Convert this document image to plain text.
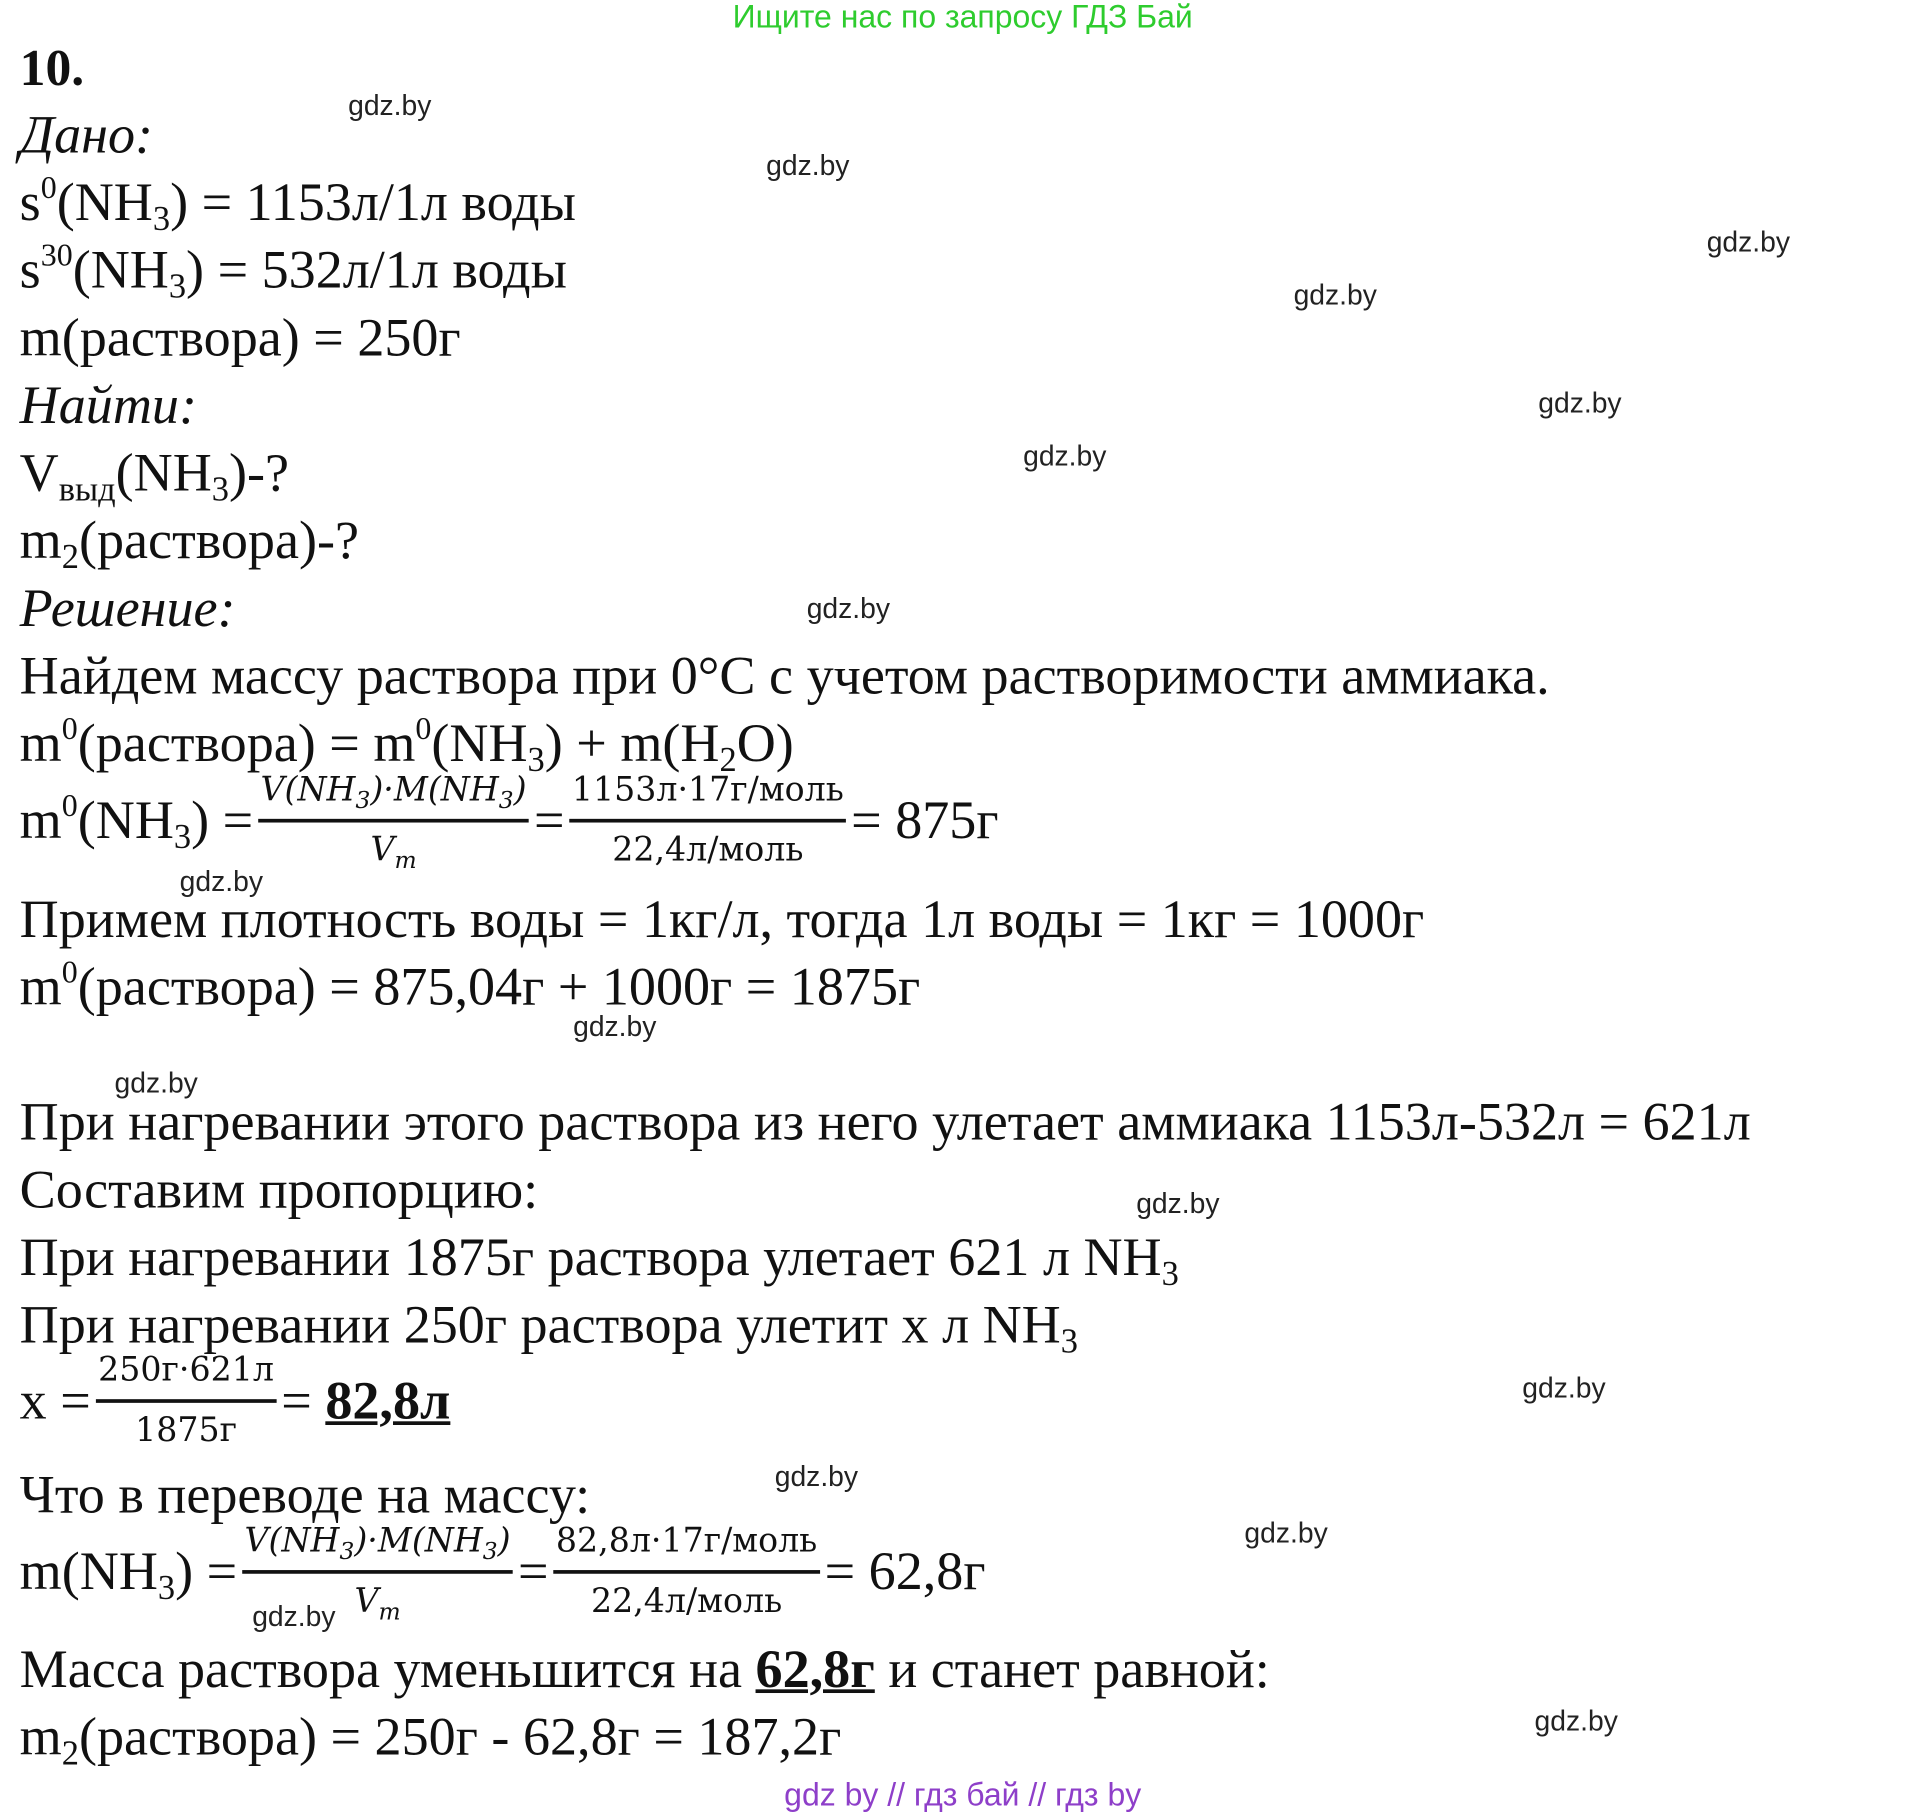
Ищите нас по запросу ГДЗ Бай
10.
Дано:
$s^0(NH_3) = 1153л/1л$ воды
$s^{30}(NH_3) = 532л/1л$ воды
m(раствора) = 250г
Найти:
$V_{выд}(NH_3)-$?
$m_2(раствора)-$?
Решение:
Найдем массу раствора при 0°С с учетом растворимости аммиака.
$m^0(раствора) = m^0(NH_3) + m(H_2O)$
$m^0(NH_3) = \frac{V(NH_3)\cdot M(NH_3)}{V_m} = \frac{\text{1153л·17г/моль}}{\text{22,4л/моль}} = 875г$
Примем плотность воды = 1кг/л, тогда 1л воды = 1кг = 1000г
$m^0(раствора) = 875,04г + 1000г = 1875г$
При нагревании этого раствора из него улетает аммиака 1153л-532л = 621л
Составим пропорцию:
При нагревании 1875г раствора улетает 621 л $NH_3$
При нагревании 250г раствора улетит x л $NH_3$
$x = \frac{250г\cdot 621л}{1875г} = 82,8л$
Что в переводе на массу:
$m(NH_3) = \frac{V(NH_3)\cdot M(NH_3)}{V_m} = \frac{\text{82,8л·17г/моль}}{\text{22,4л/моль}} = 62,8г$
Масса раствора уменьшится на 62,8г и станет равной:
$m_2(раствора) = 250г - 62,8г = 187,2г$
gdz.by
gdz.by
gdz.by
gdz.by
gdz.by
gdz.by
gdz.by
gdz.by
gdz.by
gdz.by
gdz.by
gdz.by
gdz.by
gdz.by
gdz.by
gdz.by
gdz by // гдз бай // гдз by
